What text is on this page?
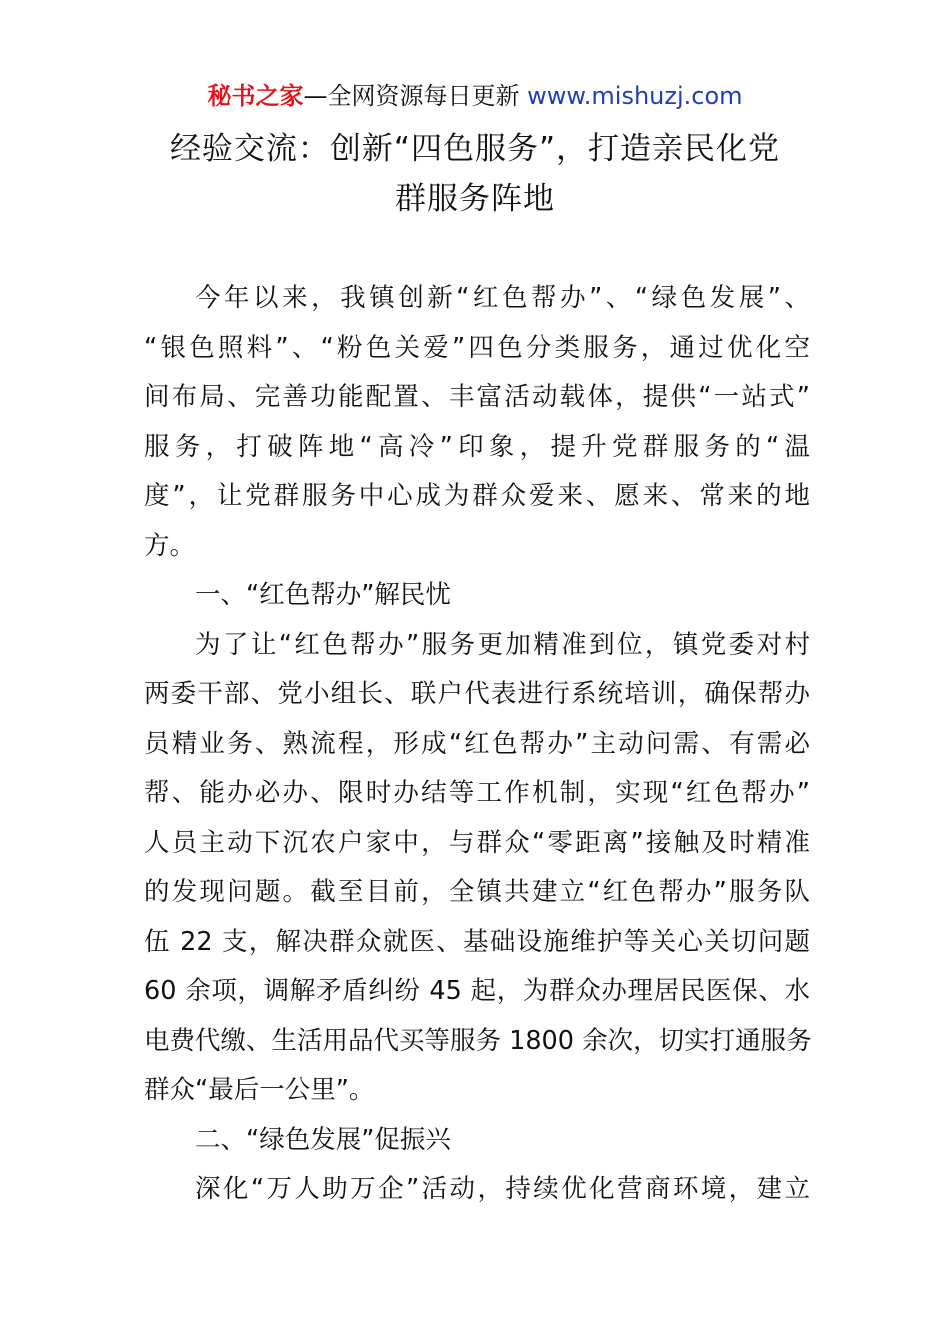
秘书之家—全网资源每日更新 www.mishuzj.com
经验交流：创新“四色服务”，打造亲民化党
群服务阵地
今年以来，我镇创新“红色帮办”、“绿色发展”、
“银色照料”、“粉色关爱”四色分类服务，通过优化空
间布局、完善功能配置、丰富活动载体，提供“一站式”
服务，打破阵地“高冷”印象，提升党群服务的“温
度”，让党群服务中心成为群众爱来、愿来、常来的地
方。
一、“红色帮办”解民忧
为了让“红色帮办”服务更加精准到位，镇党委对村
两委干部、党小组长、联户代表进行系统培训，确保帮办
员精业务、熟流程，形成“红色帮办”主动问需、有需必
帮、能办必办、限时办结等工作机制，实现“红色帮办”
人员主动下沉农户家中，与群众“零距离”接触及时精准
的发现问题。截至目前，全镇共建立“红色帮办”服务队
伍 22 支，解决群众就医、基础设施维护等关心关切问题
60 余项，调解矛盾纠纷 45 起，为群众办理居民医保、水
电费代缴、生活用品代买等服务 1800 余次，切实打通服务
群众“最后一公里”。
二、“绿色发展”促振兴
深化“万人助万企”活动，持续优化营商环境，建立
